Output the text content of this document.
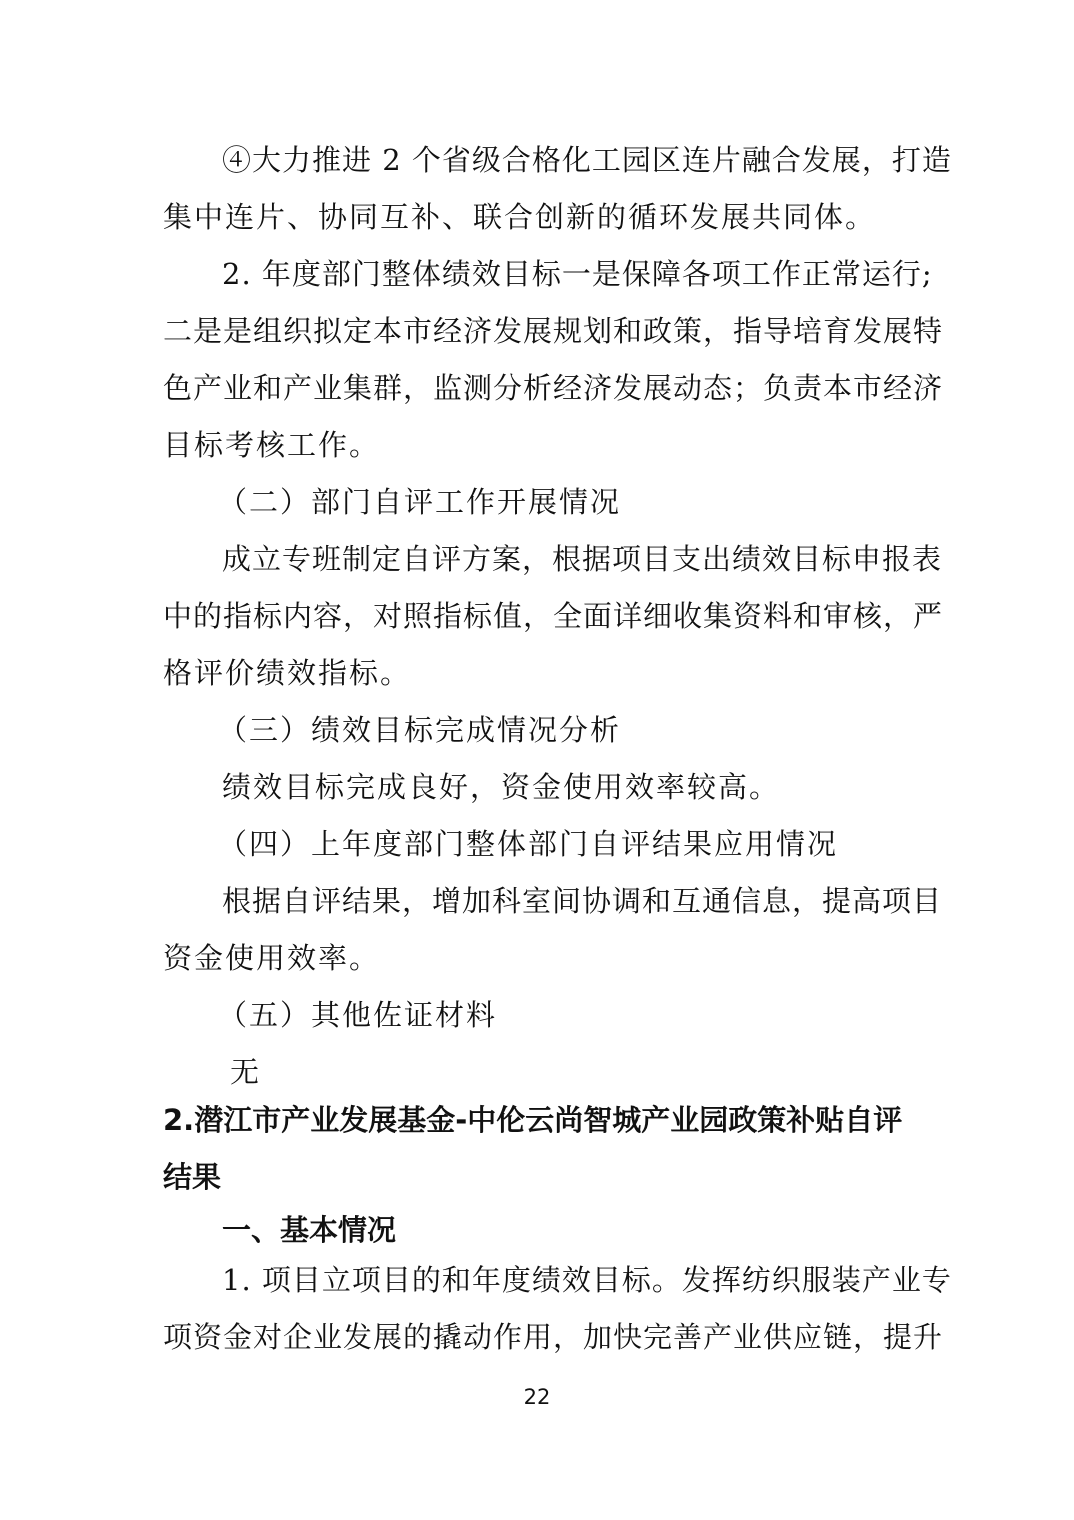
④大力推进 2 个省级合格化工园区连片融合发展，打造
集中连片、协同互补、联合创新的循环发展共同体。
2. 年度部门整体绩效目标一是保障各项工作正常运行;
二是是组织拟定本市经济发展规划和政策，指导培育发展特
色产业和产业集群，监测分析经济发展动态；负责本市经济
目标考核工作。
（二）部门自评工作开展情况
成立专班制定自评方案，根据项目支出绩效目标申报表
中的指标内容，对照指标值，全面详细收集资料和审核，严
格评价绩效指标。
（三）绩效目标完成情况分析
绩效目标完成良好，资金使用效率较高。
（四）上年度部门整体部门自评结果应用情况
根据自评结果，增加科室间协调和互通信息，提高项目
资金使用效率。
（五）其他佐证材料
无
2.潜江市产业发展基金-中伦云尚智城产业园政策补贴自评
结果
一、基本情况
1. 项目立项目的和年度绩效目标。发挥纺织服装产业专
项资金对企业发展的撬动作用，加快完善产业供应链，提升
22
